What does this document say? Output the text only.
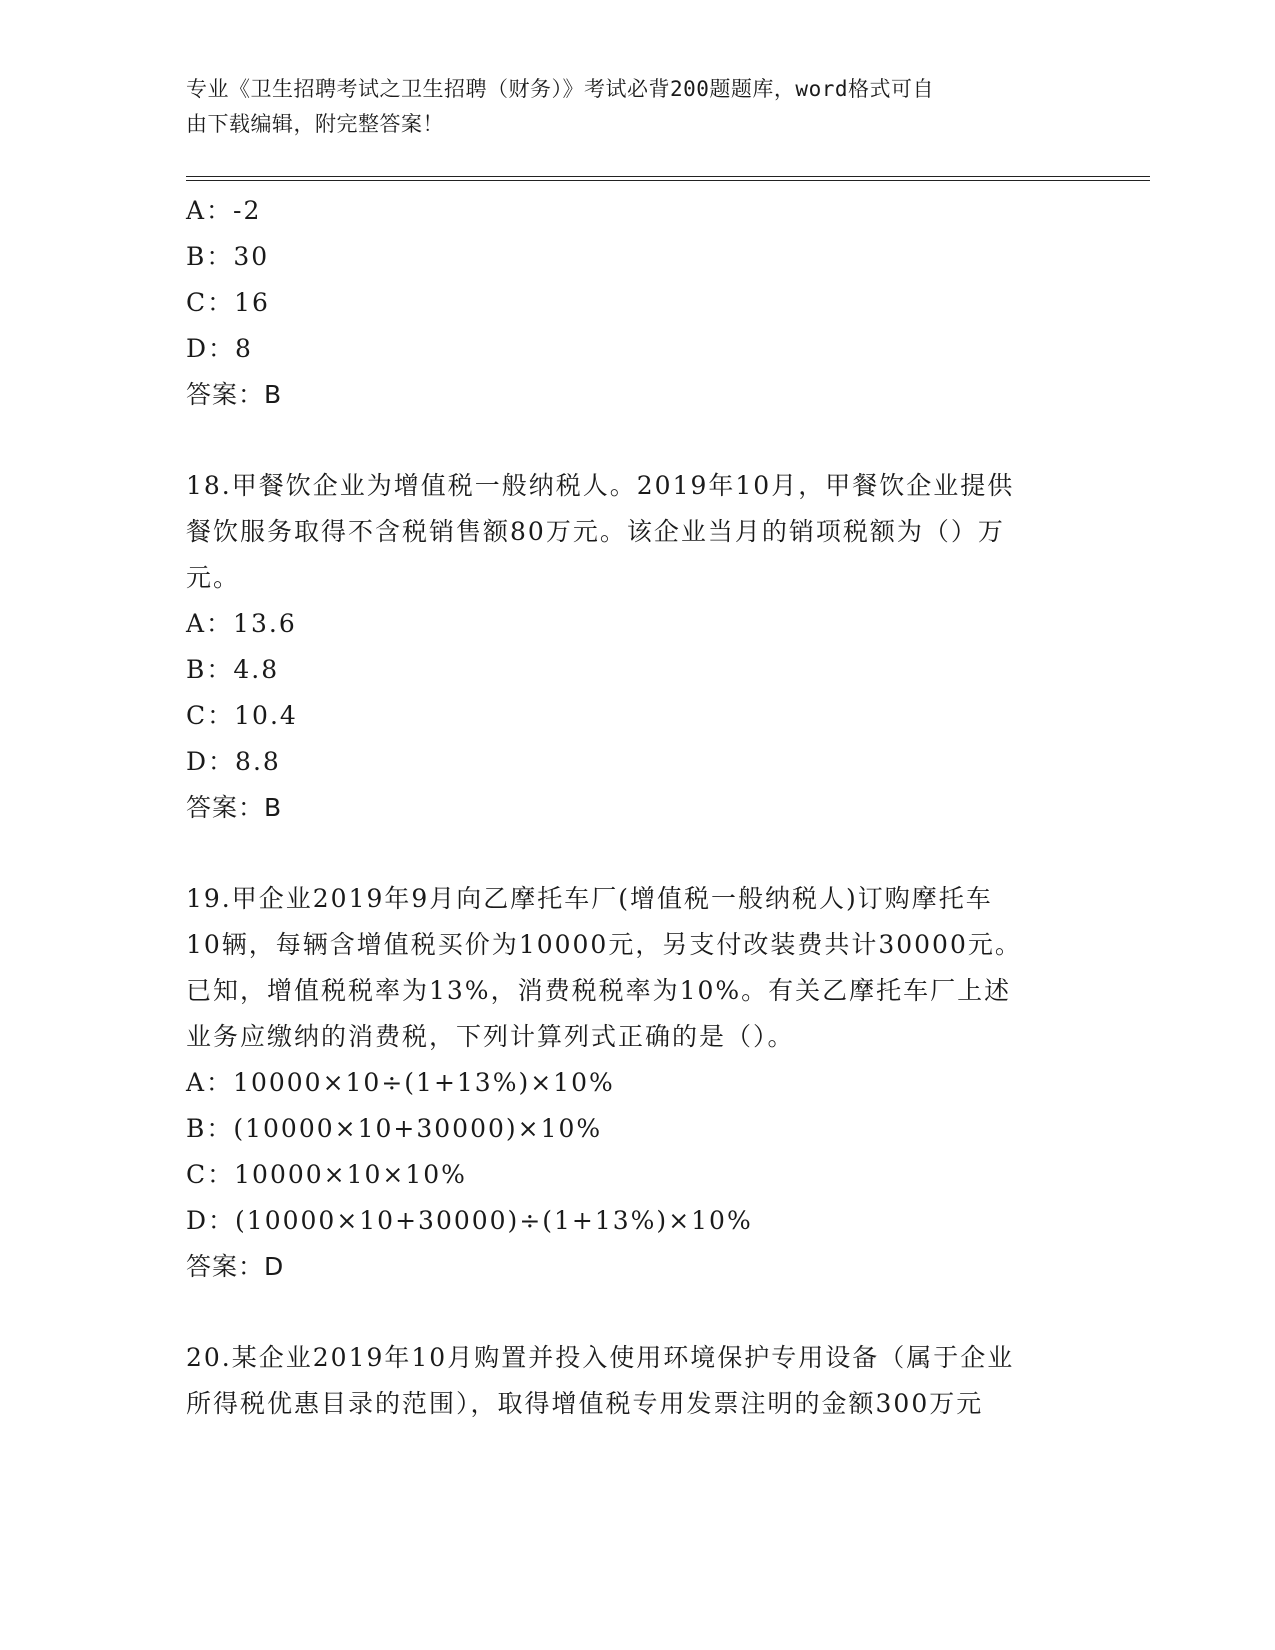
专业《卫生招聘考试之卫生招聘（财务）》考试必背200题题库，word格式可自
由下载编辑，附完整答案！
A：-2
B：30
C：16
D：8
答案：B
18.甲餐饮企业为增值税一般纳税人。2019年10月，甲餐饮企业提供
餐饮服务取得不含税销售额80万元。该企业当月的销项税额为（）万
元。
A：13.6
B：4.8
C：10.4
D：8.8
答案：B
19.甲企业2019年9月向乙摩托车厂(增值税一般纳税人)订购摩托车
10辆，每辆含增值税买价为10000元，另支付改装费共计30000元。
已知，增值税税率为13%，消费税税率为10%。有关乙摩托车厂上述
业务应缴纳的消费税，下列计算列式正确的是（）。
A：10000×10÷(1+13%)×10%
B：(10000×10+30000)×10%
C：10000×10×10%
D：(10000×10+30000)÷(1+13%)×10%
答案：D
20.某企业2019年10月购置并投入使用环境保护专用设备（属于企业
所得税优惠目录的范围），取得增值税专用发票注明的金额300万元
